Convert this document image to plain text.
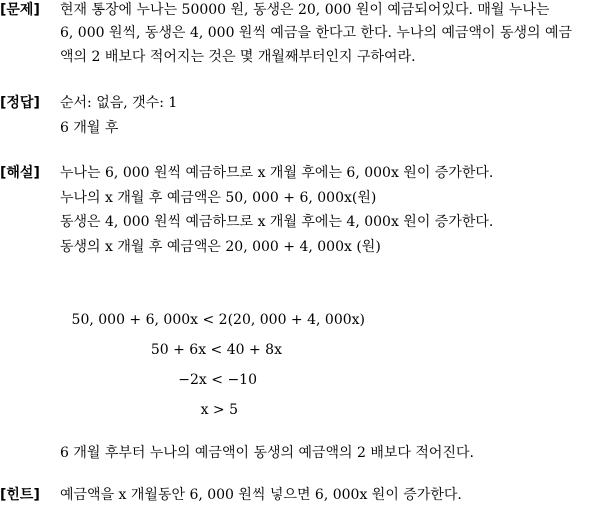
[문제] 현재 통장에 누나는 50000 원, 동생은 20, 000 원이 예금되어있다. 매월 누나는
6, 000 원씩, 동생은 4, 000 원씩 예금을 한다고 한다. 누나의 예금액이 동생의 예금
액의 2 배보다 적어지는 것은 몇 개월째부터인지 구하여라.
[정답] 순서: 없음, 갯수: 1
6 개월 후
[해설] 누나는 6, 000 원씩 예금하므로 x 개월 후에는 6, 000x 원이 증가한다.
누나의 x 개월 후 예금액은 50, 000 + 6, 000x(원)
동생은 4, 000 원씩 예금하므로 x 개월 후에는 4, 000x 원이 증가한다.
동생의 x 개월 후 예금액은 20, 000 + 4, 000x (원)
50, 000 + 6, 000x < 2(20, 000 + 4, 000x)
50 + 6x < 40 + 8x
−2x < −10
x > 5
6 개월 후부터 누나의 예금액이 동생의 예금액의 2 배보다 적어진다.
[힌트] 예금액을 x 개월동안 6, 000 원씩 넣으면 6, 000x 원이 증가한다.
